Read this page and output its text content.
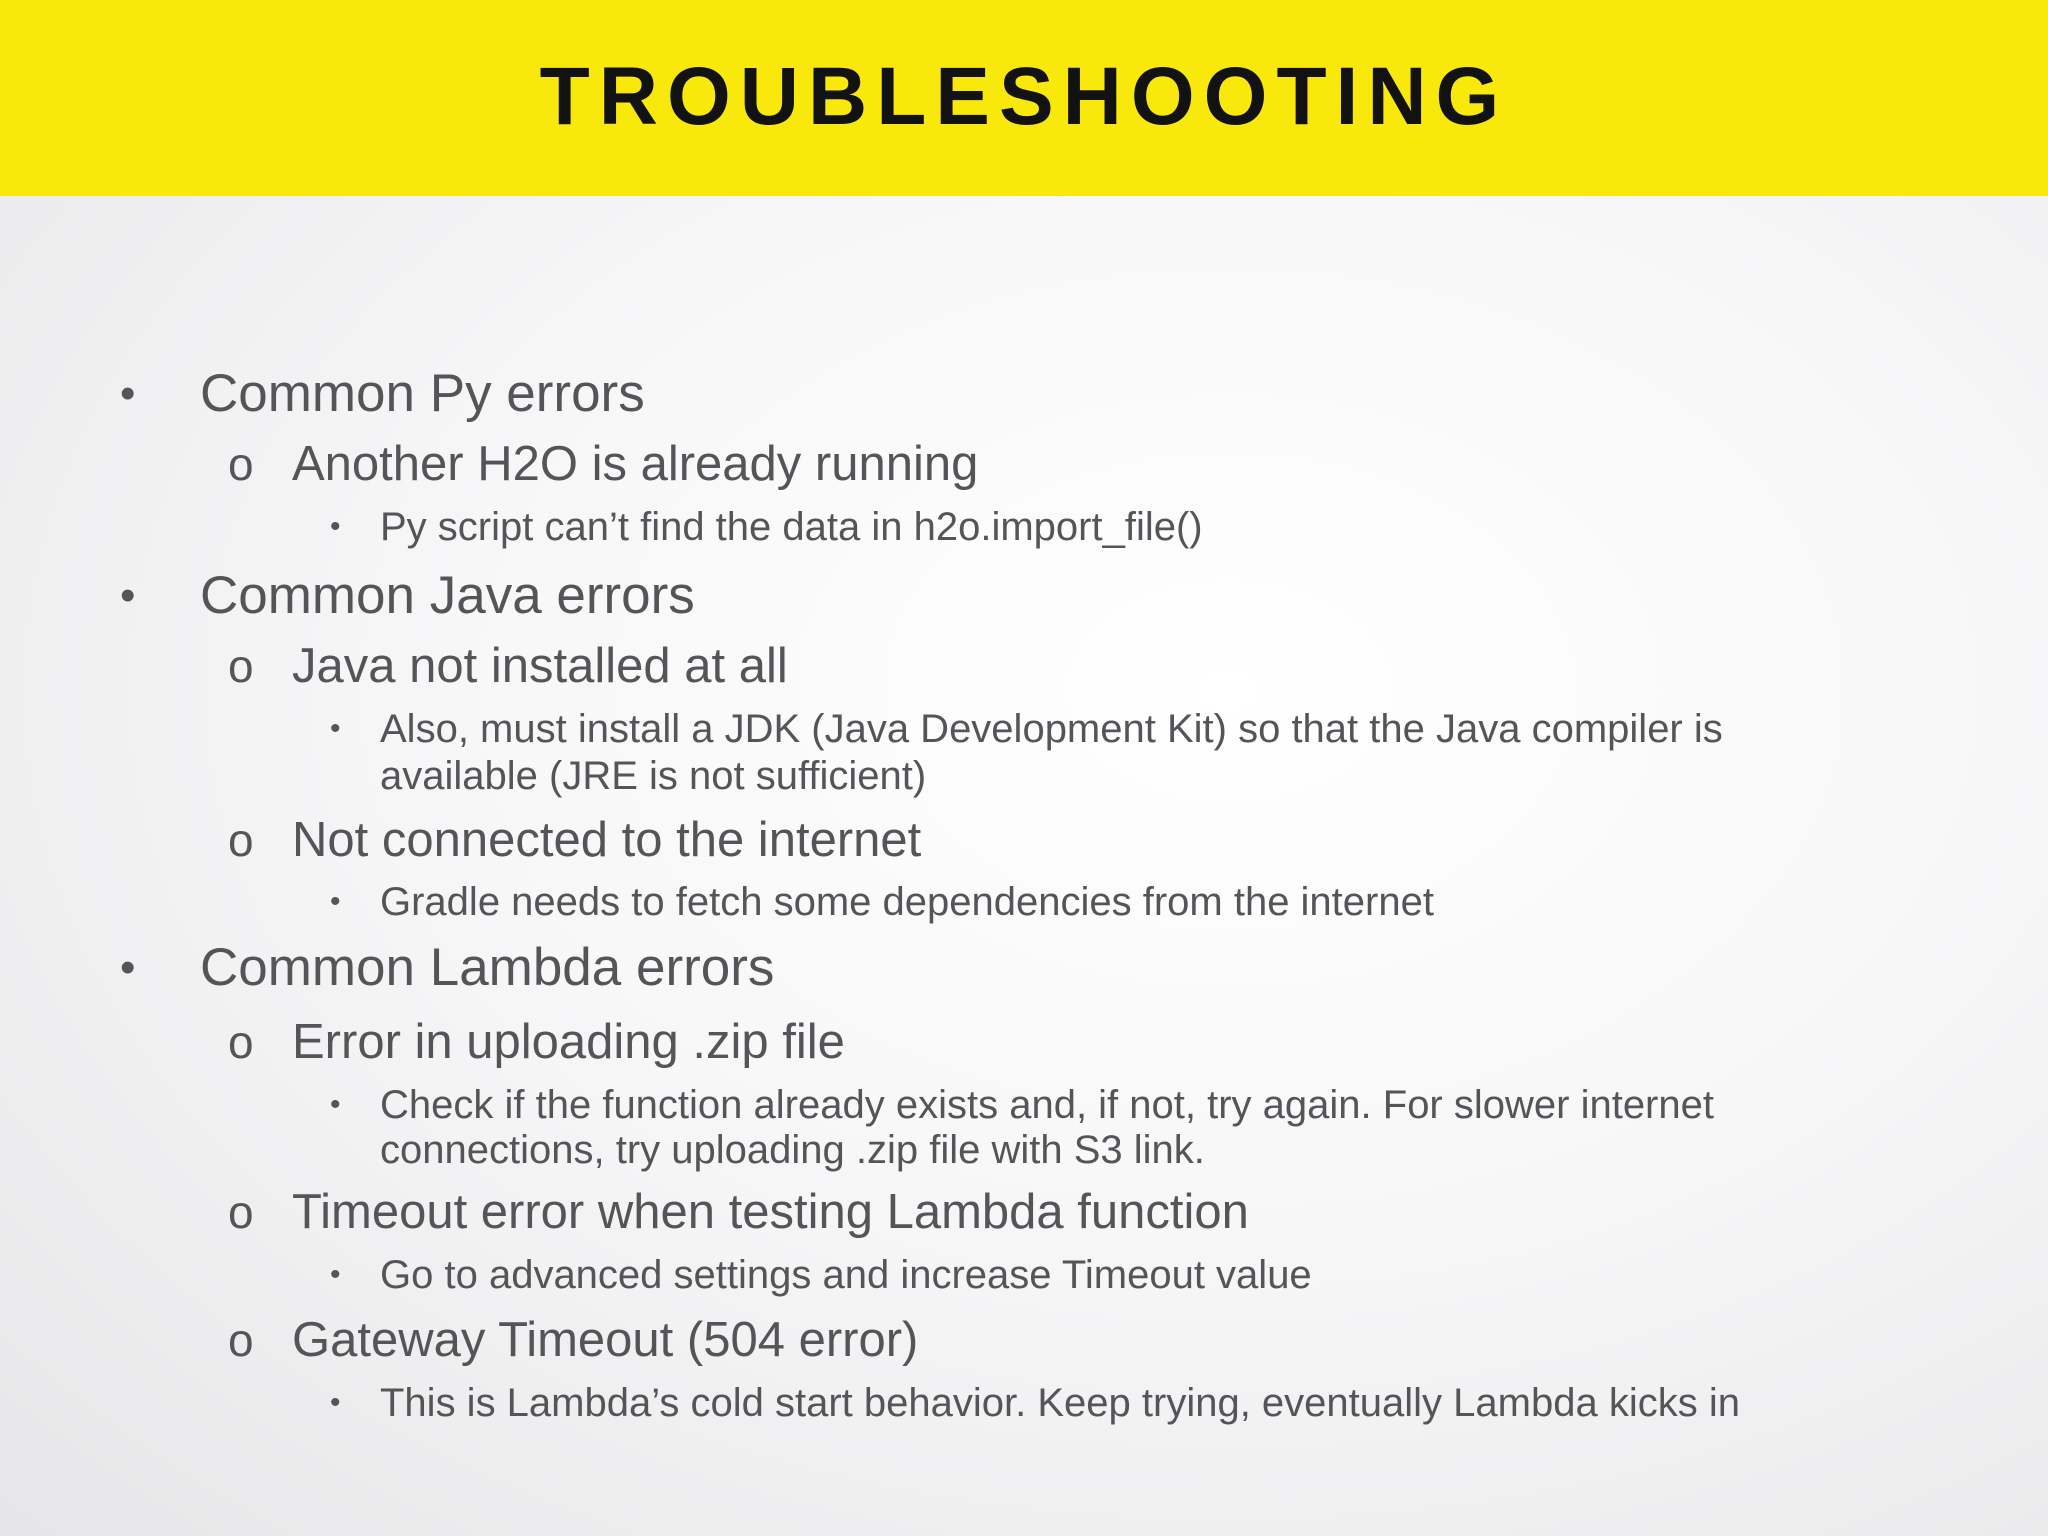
TROUBLESHOOTING
• Common Py errors
o Another H2O is already running
• Py script can’t find the data in h2o.import_file()
• Common Java errors
o Java not installed at all
• Also, must install a JDK (Java Development Kit) so that the Java compiler is
available (JRE is not sufficient)
o Not connected to the internet
• Gradle needs to fetch some dependencies from the internet
• Common Lambda errors
o Error in uploading .zip file
• Check if the function already exists and, if not, try again. For slower internet
connections, try uploading .zip file with S3 link.
o Timeout error when testing Lambda function
• Go to advanced settings and increase Timeout value
o Gateway Timeout (504 error)
• This is Lambda’s cold start behavior. Keep trying, eventually Lambda kicks in
